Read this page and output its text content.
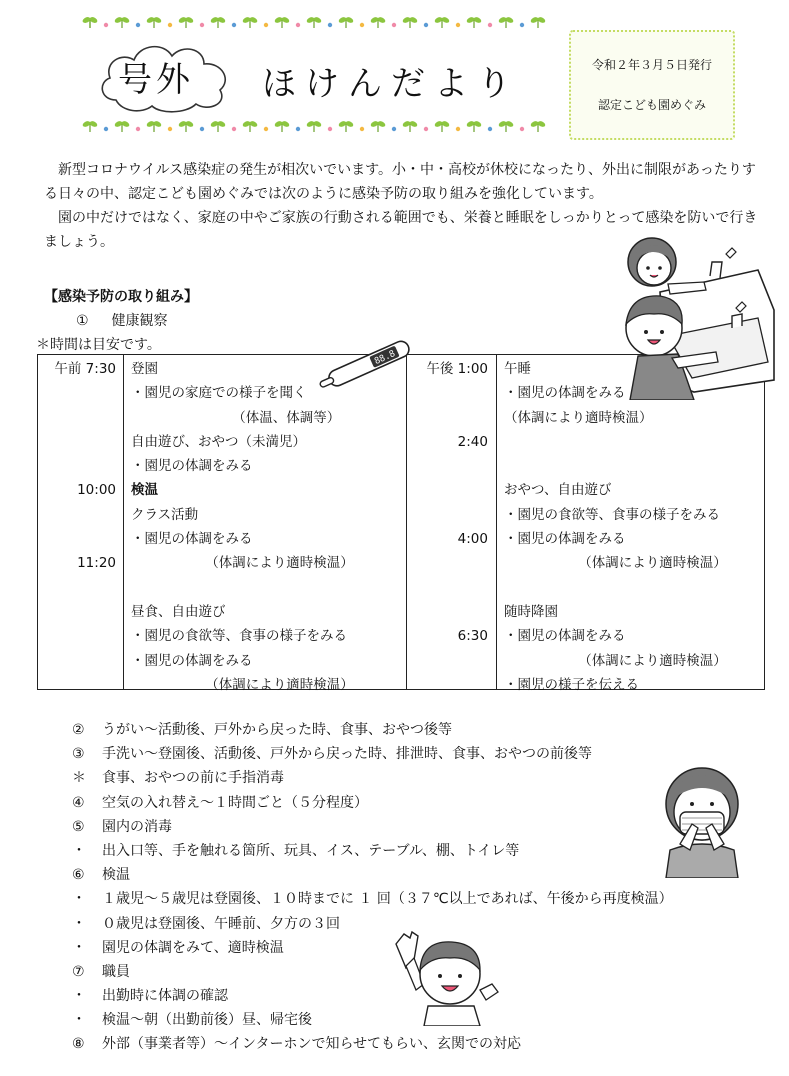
号外 ほけんだより	令和２年３月５日発行
認定こども園めぐみ

新型コロナウイルス感染症の発生が相次いでいます。小・中・高校が休校になったり、外出に制限があったりする日々の中、認定こども園めぐみでは次のように感染予防の取り組みを強化しています。

園の中だけではなく、家庭の中やご家族の行動される範囲でも、栄養と睡眠をしっかりとって感染を防いで行きましょう。

【感染予防の取り組み】
① 健康観察
＊時間は目安です。
午前 7:30
10:00
11:20
登園
・園児の家庭での様子を聞く
　　　　　　　　（体温、体調等）
自由遊び、おやつ（未満児）
・園児の体調をみる
検温
クラス活動
・園児の体調をみる
　　　　　　（体調により適時検温）
昼食、自由遊び
・園児の食欲等、食事の様子をみる
・園児の体調をみる
　　　　　　（体調により適時検温）
午後 1:00
2:40
4:00
6:30
午睡
・園児の体調をみる
（体調により適時検温）
おやつ、自由遊び
・園児の食欲等、食事の様子をみる
・園児の体調をみる
　　　　　　（体調により適時検温）
随時降園
・園児の体調をみる
　　　　　　（体調により適時検温）
・園児の様子を伝える
88.8
② うがい～活動後、戸外から戻った時、食事、おやつ後等
③ 手洗い～登園後、活動後、戸外から戻った時、排泄時、食事、おやつの前後等
＊ 食事、おやつの前に手指消毒
④ 空気の入れ替え～１時間ごと（５分程度）
⑤ 園内の消毒
・ 出入口等、手を触れる箇所、玩具、イス、テーブル、棚、トイレ等
⑥ 検温
・ １歳児～５歳児は登園後、１０時までに １ 回（３７℃以上であれば、午後から再度検温）
・ ０歳児は登園後、午睡前、夕方の３回
・ 園児の体調をみて、適時検温
⑦ 職員
・ 出勤時に体調の確認
・ 検温～朝（出勤前後）昼、帰宅後
⑧ 外部（事業者等）～インターホンで知らせてもらい、玄関での対応
